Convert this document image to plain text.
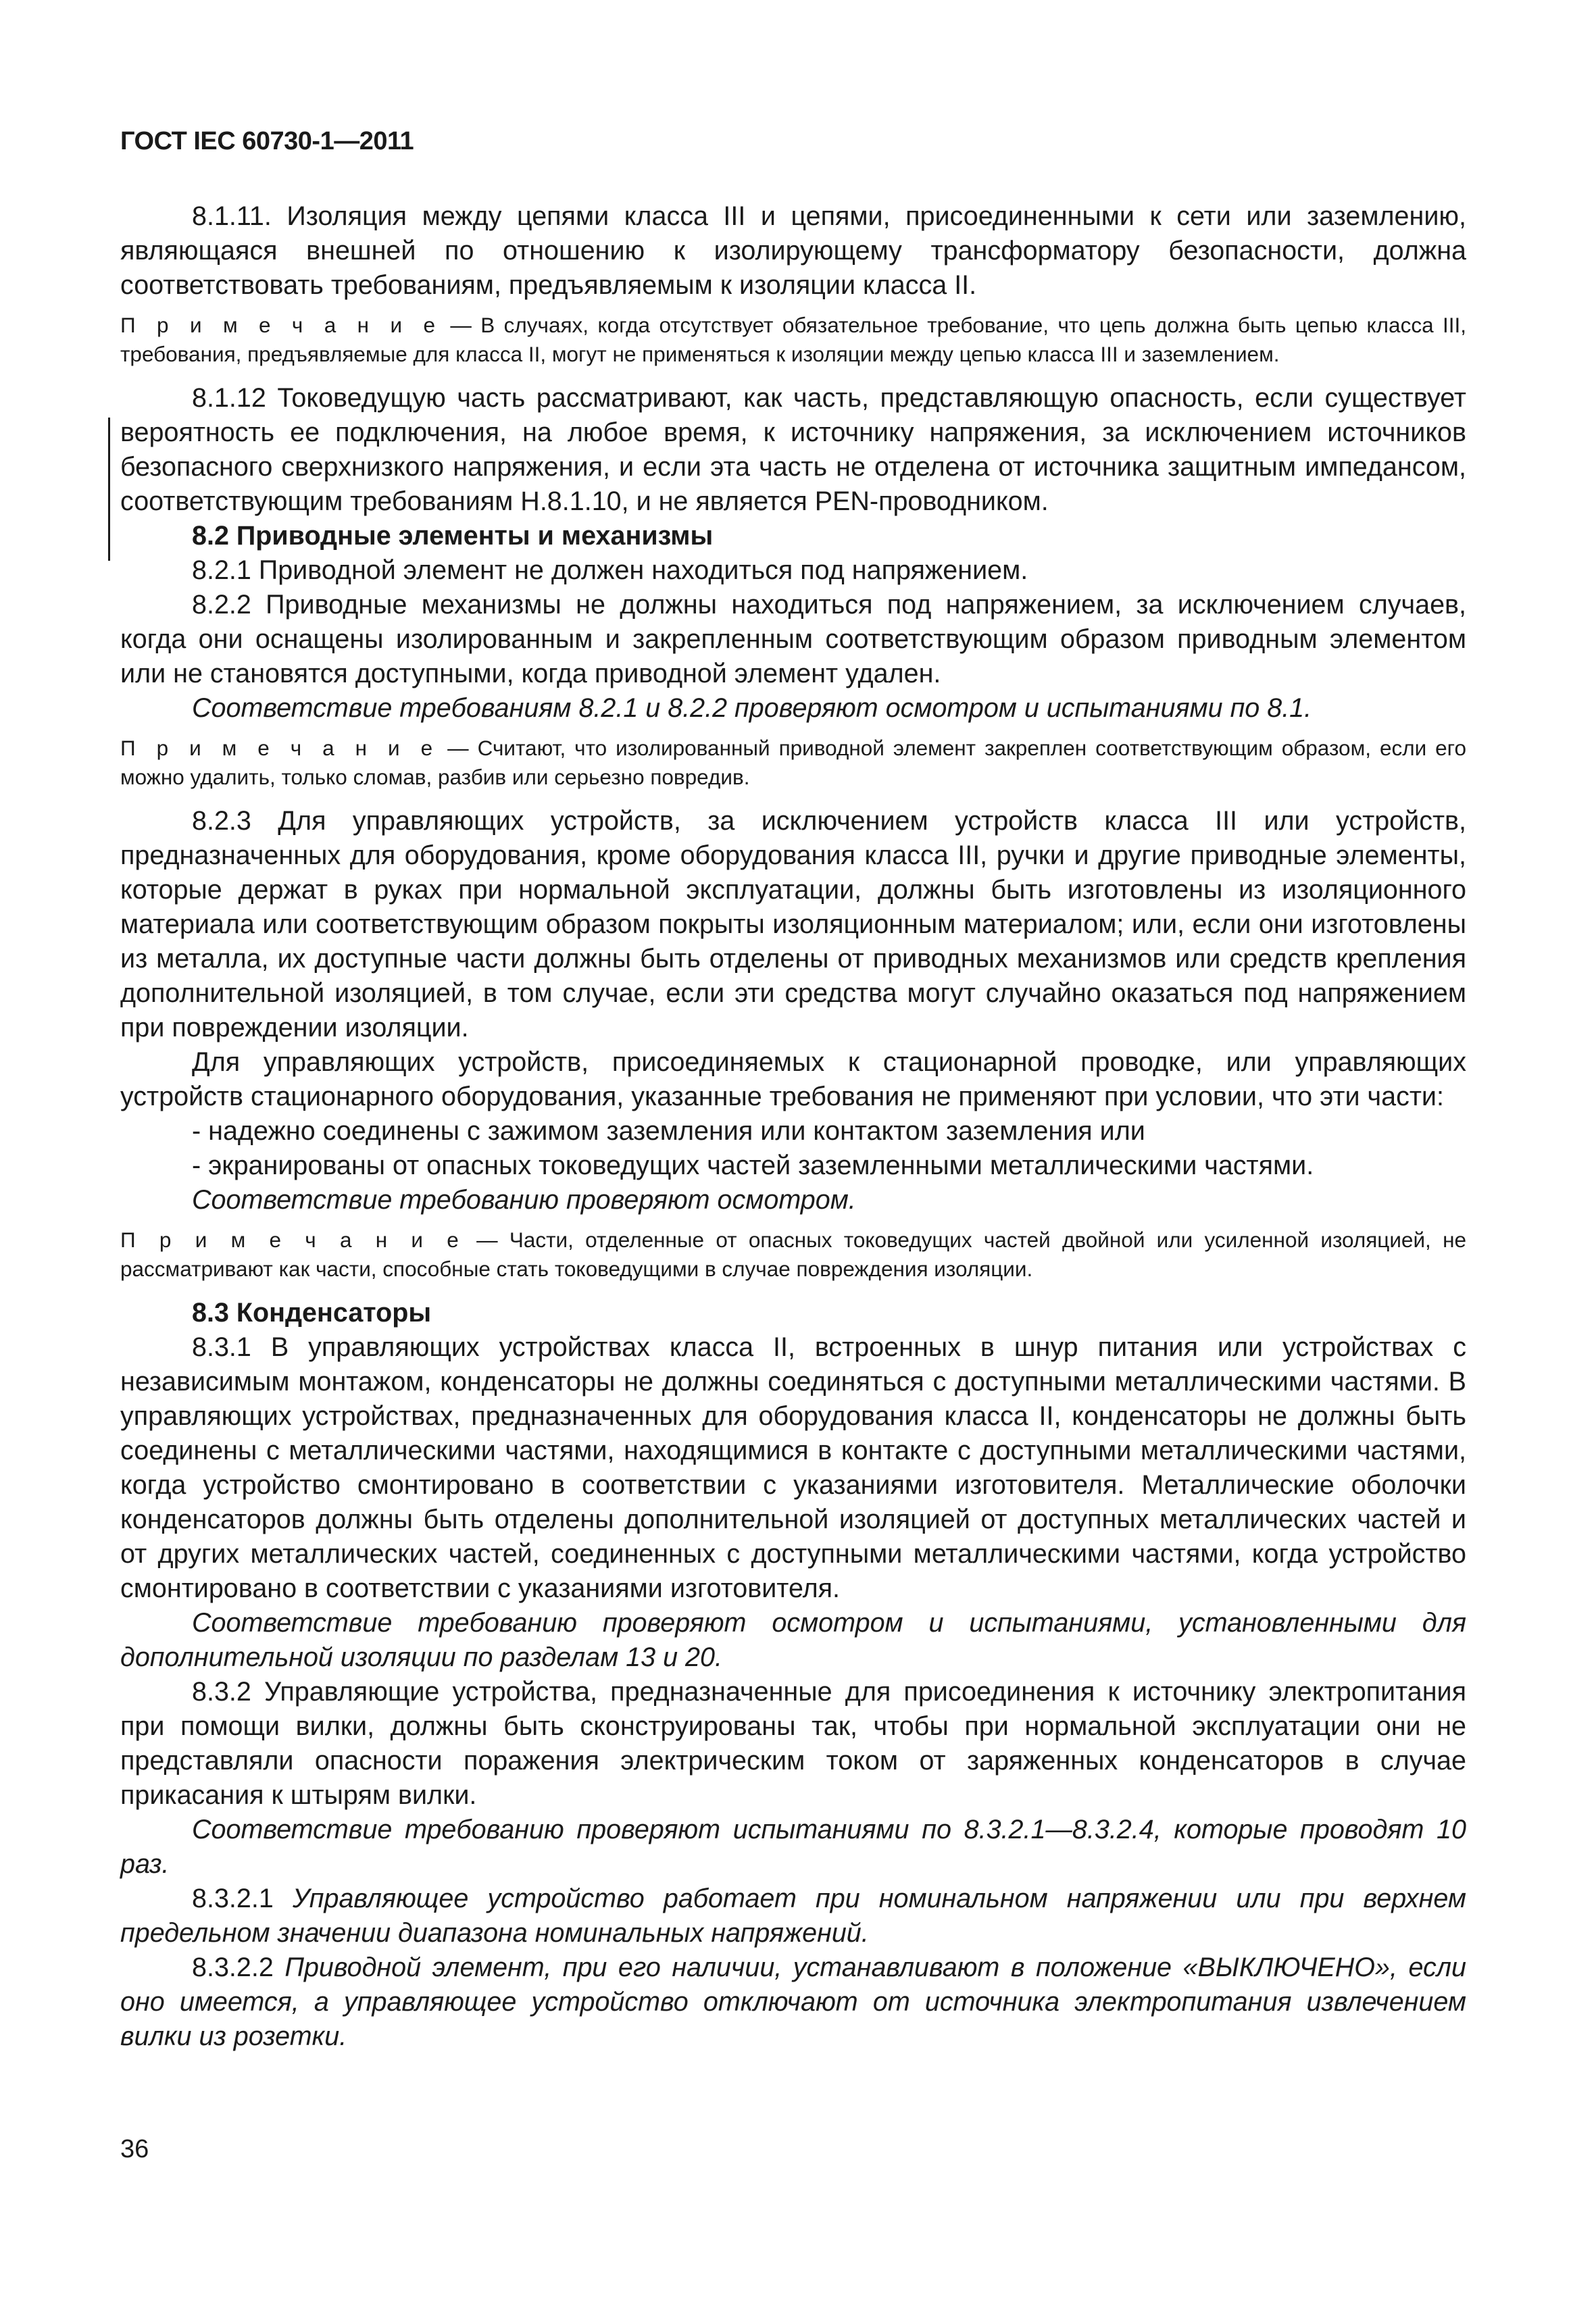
ГОСТ IEC 60730-1—2011

8.1.11. Изоляция между цепями класса III и цепями, присоединенными к сети или заземлению, являющаяся внешней по отношению к изолирующему трансформатору безопасности, должна соответствовать требованиям, предъявляемым к изоляции класса II.

П р и м е ч а н и е — В случаях, когда отсутствует обязательное требование, что цепь должна быть цепью класса III, требования, предъявляемые для класса II, могут не применяться к изоляции между цепью класса III и заземлением.

8.1.12 Токоведущую часть рассматривают, как часть, представляющую опасность, если существует вероятность ее подключения, на любое время, к источнику напряжения, за исключением источников безопасного сверхнизкого напряжения, и если эта часть не отделена от источника защитным импедансом, соответствующим требованиям Н.8.1.10, и не является PEN-проводником.

8.2 Приводные элементы и механизмы

8.2.1 Приводной элемент не должен находиться под напряжением.

8.2.2 Приводные механизмы не должны находиться под напряжением, за исключением случаев, когда они оснащены изолированным и закрепленным соответствующим образом приводным элементом или не становятся доступными, когда приводной элемент удален.

Соответствие требованиям 8.2.1 и 8.2.2 проверяют осмотром и испытаниями по 8.1.

П р и м е ч а н и е — Считают, что изолированный приводной элемент закреплен соответствующим образом, если его можно удалить, только сломав, разбив или серьезно повредив.

8.2.3 Для управляющих устройств, за исключением устройств класса III или устройств, предназначенных для оборудования, кроме оборудования класса III, ручки и другие приводные элементы, которые держат в руках при нормальной эксплуатации, должны быть изготовлены из изоляционного материала или соответствующим образом покрыты изоляционным материалом; или, если они изготовлены из металла, их доступные части должны быть отделены от приводных механизмов или средств крепления дополнительной изоляцией, в том случае, если эти средства могут случайно оказаться под напряжением при повреждении изоляции.

Для управляющих устройств, присоединяемых к стационарной проводке, или управляющих устройств стационарного оборудования, указанные требования не применяют при условии, что эти части:

- надежно соединены с зажимом заземления или контактом заземления или

- экранированы от опасных токоведущих частей заземленными металлическими частями.

Соответствие требованию проверяют осмотром.

П р и м е ч а н и е — Части, отделенные от опасных токоведущих частей двойной или усиленной изоляцией, не рассматривают как части, способные стать токоведущими в случае повреждения изоляции.

8.3 Конденсаторы

8.3.1 В управляющих устройствах класса II, встроенных в шнур питания или устройствах с независимым монтажом, конденсаторы не должны соединяться с доступными металлическими частями. В управляющих устройствах, предназначенных для оборудования класса II, конденсаторы не должны быть соединены с металлическими частями, находящимися в контакте с доступными металлическими частями, когда устройство смонтировано в соответствии с указаниями изготовителя. Металлические оболочки конденсаторов должны быть отделены дополнительной изоляцией от доступных металлических частей и от других металлических частей, соединенных с доступными металлическими частями, когда устройство смонтировано в соответствии с указаниями изготовителя.

Соответствие требованию проверяют осмотром и испытаниями, установленными для дополнительной изоляции по разделам 13 и 20.

8.3.2 Управляющие устройства, предназначенные для присоединения к источнику электропитания при помощи вилки, должны быть сконструированы так, чтобы при нормальной эксплуатации они не представляли опасности поражения электрическим током от заряженных конденсаторов в случае прикасания к штырям вилки.

Соответствие требованию проверяют испытаниями по 8.3.2.1—8.3.2.4, которые проводят 10 раз.

8.3.2.1 Управляющее устройство работает при номинальном напряжении или при верхнем предельном значении диапазона номинальных напряжений.

8.3.2.2 Приводной элемент, при его наличии, устанавливают в положение «ВЫКЛЮЧЕНО», если оно имеется, а управляющее устройство отключают от источника электропитания извлечением вилки из розетки.

36
